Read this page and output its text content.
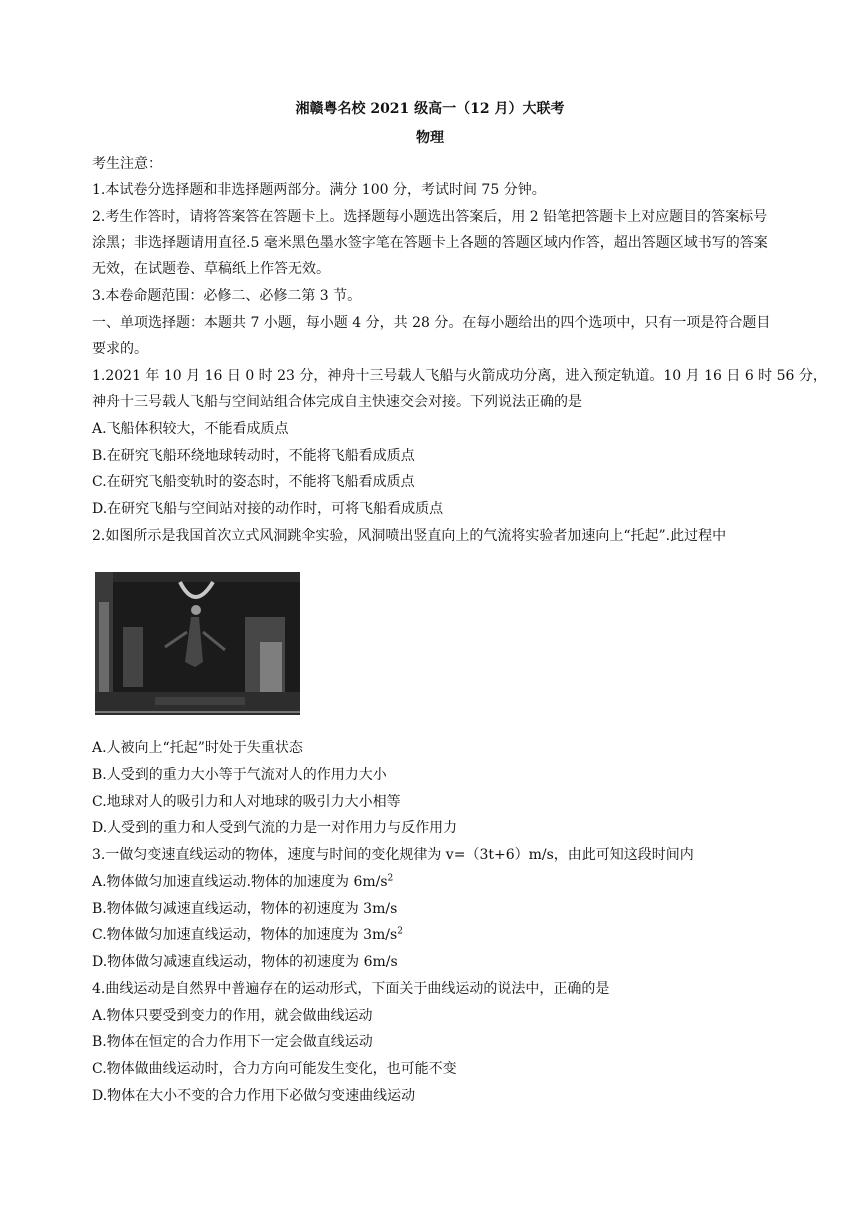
湘赣粤名校 2021 级高一（12 月）大联考
物理
考生注意：
1.本试卷分选择题和非选择题两部分。满分 100 分，考试时间 75 分钟。
2.考生作答时，请将答案答在答题卡上。选择题每小题选出答案后，用 2 铅笔把答题卡上对应题目的答案标号
涂黑；非选择题请用直径.5 毫米黑色墨水签字笔在答题卡上各题的答题区域内作答，超出答题区域书写的答案
无效，在试题卷、草稿纸上作答无效。
3.本卷命题范围：必修二、必修二第 3 节。
一、单项选择题：本题共 7 小题，每小题 4 分，共 28 分。在每小题给出的四个选项中，只有一项是符合题目
要求的。
1.2021 年 10 月 16 日 0 时 23 分，神舟十三号载人飞船与火箭成功分离，进入预定轨道。10 月 16 日 6 时 56 分，
神舟十三号载人飞船与空间站组合体完成自主快速交会对接。下列说法正确的是
A.飞船体积较大，不能看成质点
B.在研究飞船环绕地球转动时，不能将飞船看成质点
C.在研究飞船变轨时的姿态时，不能将飞船看成质点
D.在研究飞船与空间站对接的动作时，可将飞船看成质点
2.如图所示是我国首次立式风洞跳伞实验，风洞喷出竖直向上的气流将实验者加速向上“托起”.此过程中
A.人被向上“托起”时处于失重状态
B.人受到的重力大小等于气流对人的作用力大小
C.地球对人的吸引力和人对地球的吸引力大小相等
D.人受到的重力和人受到气流的力是一对作用力与反作用力
3.一做匀变速直线运动的物体，速度与时间的变化规律为 v=（3t+6）m/s，由此可知这段时间内
A.物体做匀加速直线运动.物体的加速度为 $6m/s^2$
B.物体做匀减速直线运动，物体的初速度为 3m/s
C.物体做匀加速直线运动，物体的加速度为 $3m/s^2$
D.物体做匀减速直线运动，物体的初速度为 6m/s
4.曲线运动是自然界中普遍存在的运动形式，下面关于曲线运动的说法中，正确的是
A.物体只要受到变力的作用，就会做曲线运动
B.物体在恒定的合力作用下一定会做直线运动
C.物体做曲线运动时，合力方向可能发生变化，也可能不变
D.物体在大小不变的合力作用下必做匀变速曲线运动
